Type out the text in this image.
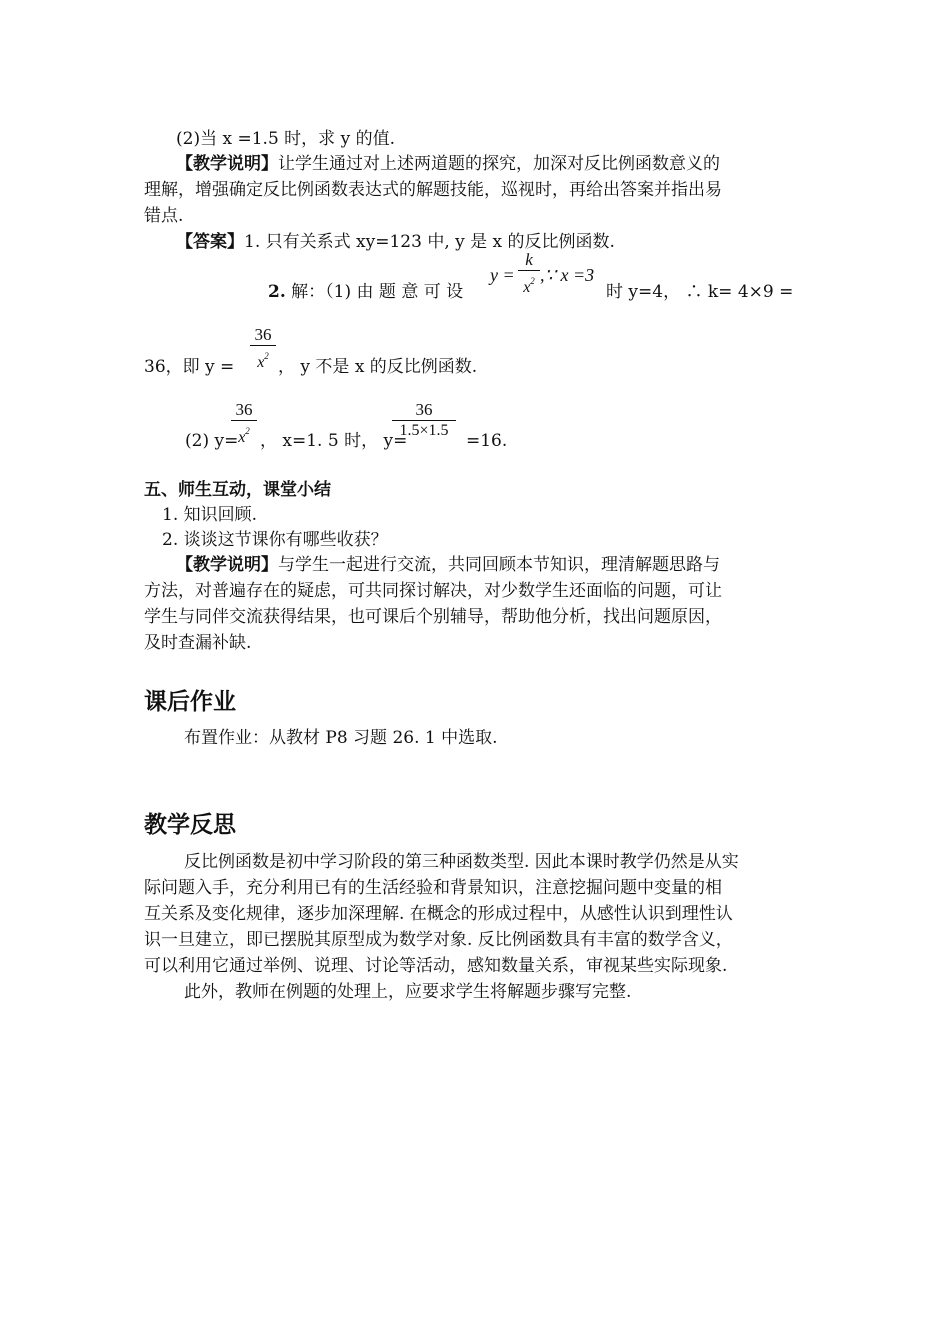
(2)当 x =1.5 时，求 y 的值.
【教学说明】让学生通过对上述两道题的探究，加深对反比例函数意义的
理解，增强确定反比例函数表达式的解题技能，巡视时，再给出答案并指出易
错点.
【答案】1. 只有关系式 xy=123 中, y 是 x 的反比例函数.
2. 解：（1) 由 题 意 可 设
y =
k
$x^2$ ,∵ x =3
时 y=4， ∴ k= 4×9 =
36
$x^2$
36，即 y =	， y 不是 x 的反比例函数.
36
$x^2$
36
1.5×1.5
(2) y= ， x=1. 5 时， y=	=16.
五、师生互动，课堂小结
1. 知识回顾.
2. 谈谈这节课你有哪些收获？
【教学说明】与学生一起进行交流，共同回顾本节知识，理清解题思路与
方法，对普遍存在的疑虑，可共同探讨解决，对少数学生还面临的问题，可让
学生与同伴交流获得结果，也可课后个别辅导，帮助他分析，找出问题原因，
及时查漏补缺.
课后作业
布置作业：从教材 P8 习题 26. 1 中选取.
教学反思
反比例函数是初中学习阶段的第三种函数类型. 因此本课时教学仍然是从实
际问题入手，充分利用已有的生活经验和背景知识，注意挖掘问题中变量的相
互关系及变化规律，逐步加深理解. 在概念的形成过程中，从感性认识到理性认
识一旦建立，即已摆脱其原型成为数学对象. 反比例函数具有丰富的数学含义，
可以利用它通过举例、说理、讨论等活动，感知数量关系，审视某些实际现象.
此外，教师在例题的处理上，应要求学生将解题步骤写完整.
